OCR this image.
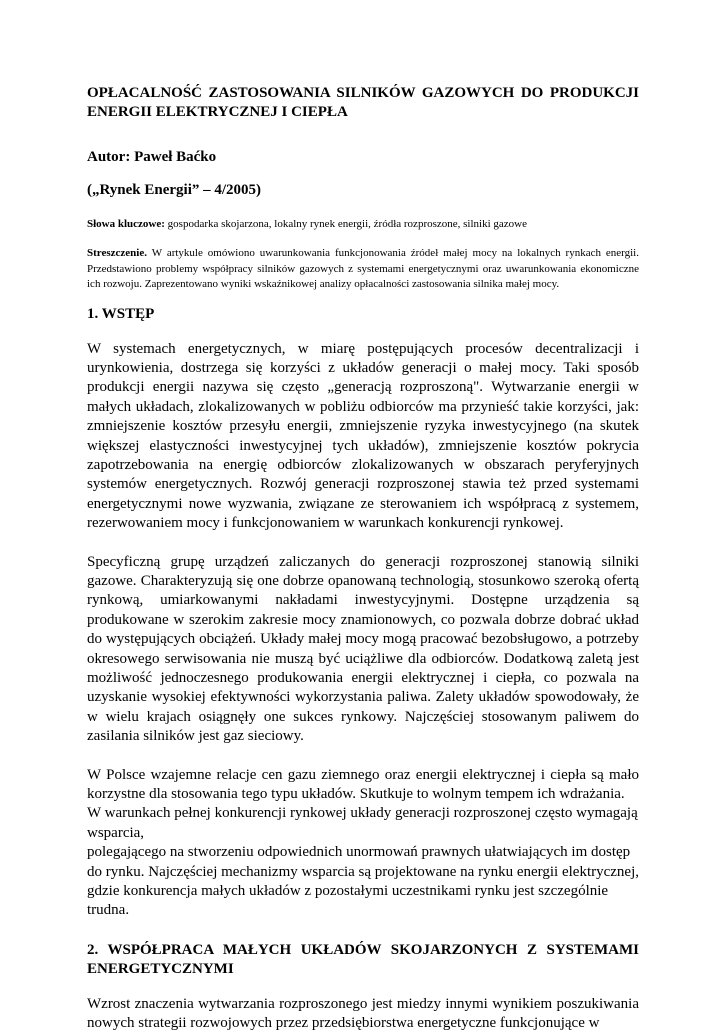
OPŁACALNOŚĆ ZASTOSOWANIA SILNIKÓW GAZOWYCH DO PRODUKCJI ENERGII ELEKTRYCZNEJ I CIEPŁA

Autor: Paweł Baćko

(„Rynek Energii” – 4/2005)

Słowa kluczowe: gospodarka skojarzona, lokalny rynek energii, źródła rozproszone, silniki gazowe

Streszczenie. W artykule omówiono uwarunkowania funkcjonowania źródeł małej mocy na lokalnych rynkach energii. Przedstawiono problemy współpracy silników gazowych z systemami energetycznymi oraz uwarunkowania ekonomiczne ich rozwoju. Zaprezentowano wyniki wskaźnikowej analizy opłacalności zastosowania silnika małej mocy.

1. WSTĘP

W systemach energetycznych, w miarę postępujących procesów decentralizacji i urynkowienia, dostrzega się korzyści z układów generacji o małej mocy. Taki sposób produkcji energii nazywa się często „generacją rozproszoną". Wytwarzanie energii w małych układach, zlokalizowanych w pobliżu odbiorców ma przynieść takie korzyści, jak: zmniejszenie kosztów przesyłu energii, zmniejszenie ryzyka inwestycyjnego (na skutek większej elastyczności inwestycyjnej tych układów), zmniejszenie kosztów pokrycia zapotrzebowania na energię odbiorców zlokalizowanych w obszarach peryferyjnych systemów energetycznych. Rozwój generacji rozproszonej stawia też przed systemami energetycznymi nowe wyzwania, związane ze sterowaniem ich współpracą z systemem, rezerwowaniem mocy i funkcjonowaniem w warunkach konkurencji rynkowej.

Specyficzną grupę urządzeń zaliczanych do generacji rozproszonej stanowią silniki gazowe. Charakteryzują się one dobrze opanowaną technologią, stosunkowo szeroką ofertą rynkową, umiarkowanymi nakładami inwestycyjnymi. Dostępne urządzenia są produkowane w szerokim zakresie mocy znamionowych, co pozwala dobrze dobrać układ do występujących obciążeń. Układy małej mocy mogą pracować bezobsługowo, a potrzeby okresowego serwisowania nie muszą być uciążliwe dla odbiorców. Dodatkową zaletą jest możliwość jednoczesnego produkowania energii elektrycznej i ciepła, co pozwala na uzyskanie wysokiej efektywności wykorzystania paliwa. Zalety układów spowodowały, że w wielu krajach osiągnęły one sukces rynkowy. Najczęściej stosowanym paliwem do zasilania silników jest gaz sieciowy.

W Polsce wzajemne relacje cen gazu ziemnego oraz energii elektrycznej i ciepła są mało korzystne dla stosowania tego typu układów. Skutkuje to wolnym tempem ich wdrażania.

W warunkach pełnej konkurencji rynkowej układy generacji rozproszonej często wymagają wsparcia,

polegającego na stworzeniu odpowiednich unormowań prawnych ułatwiających im dostęp do rynku. Najczęściej mechanizmy wsparcia są projektowane na rynku energii elektrycznej, gdzie konkurencja małych układów z pozostałymi uczestnikami rynku jest szczególnie trudna.

2. WSPÓŁPRACA MAŁYCH UKŁADÓW SKOJARZONYCH Z SYSTEMAMI ENERGETYCZNYMI

Wzrost znaczenia wytwarzania rozproszonego jest miedzy innymi wynikiem poszukiwania nowych strategii rozwojowych przez przedsiębiorstwa energetyczne funkcjonujące w
